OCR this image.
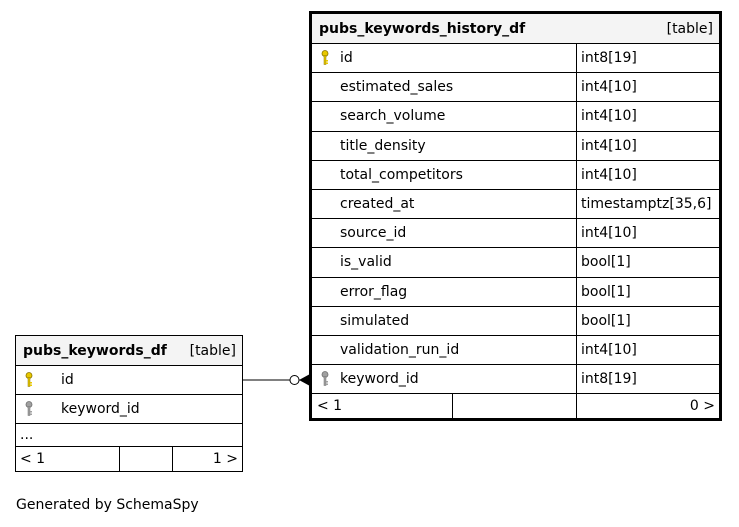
pubs_keywords_history_df	[table]
id	int8[19]
estimated_sales	int4[10]
search_volume	int4[10]
title_density	int4[10]
total_competitors	int4[10]
created_at	timestamptz[35,6]
source_id	int4[10]
is_valid	bool[1]
error_flag	bool[1]
simulated	bool[1]
validation_run_id	int4[10]
keyword_id	int8[19]
< 1	0 >
pubs_keywords_df [table]
id
keyword_id
...
< 1	1 >
Generated by SchemaSpy
